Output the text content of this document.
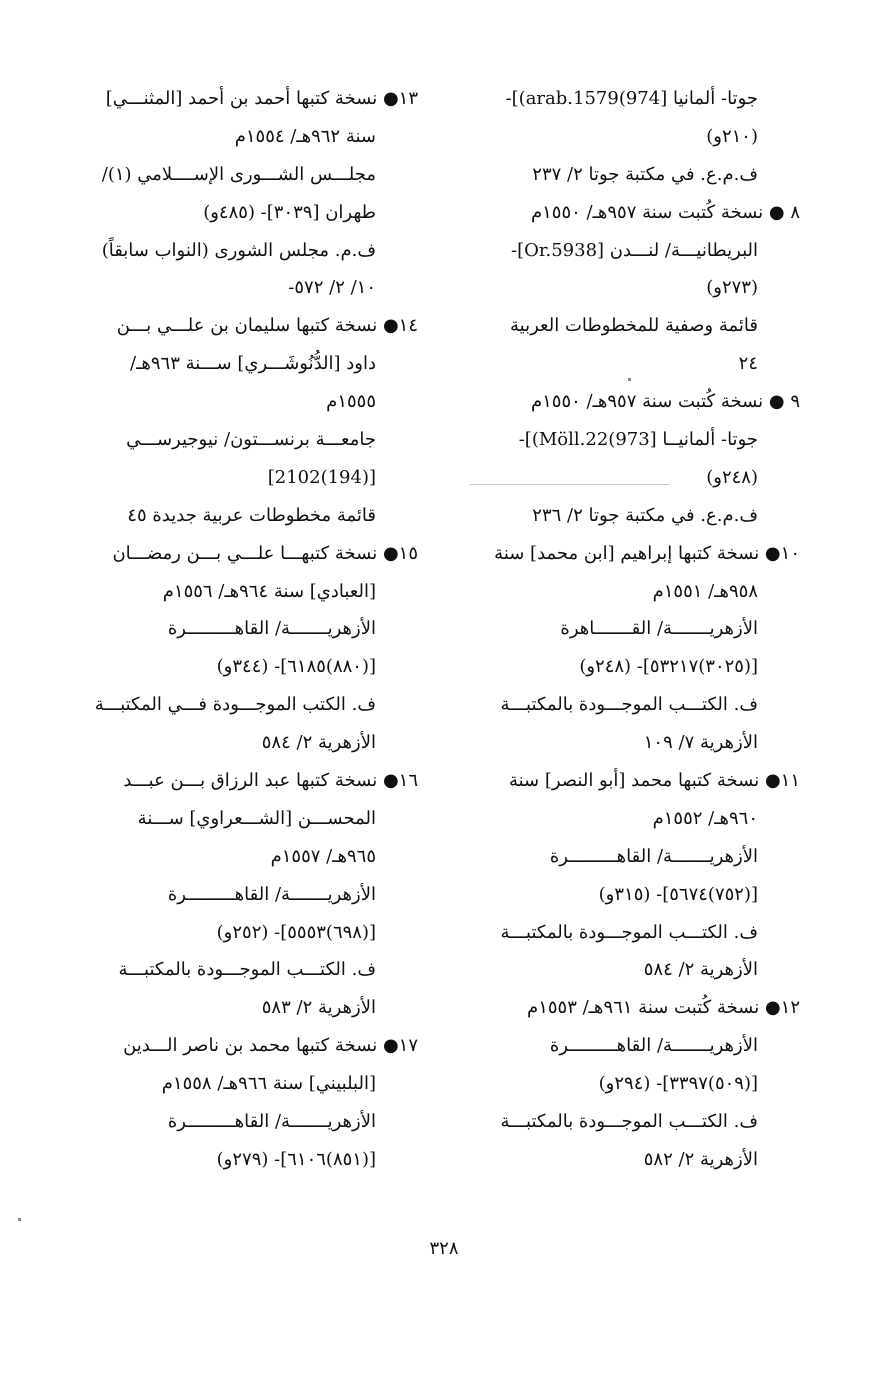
جوتا- ألمانيا [974)arab.1579)]-
(٢١٠و)
ف.م.ع. في مكتبة جوتا ٢/ ٢٣٧
٨ ● نسخة كُتبت سنة ٩٥٧هـ/ ١٥٥٠م
البريطانيـــة/ لنـــدن [Or.5938]-
(٢٧٣و)
قائمة وصفية للمخطوطات العربية
٢٤
٩ ● نسخة كُتبت سنة ٩٥٧هـ/ ١٥٥٠م
جوتا- ألمانيــا [973)Möll.22)]-
(٢٤٨و)
ف.م.ع. في مكتبة جوتا ٢/ ٢٣٦
١٠● نسخة كتبها إبراهيم [ابن محمد] سنة
٩٥٨هـ/ ١٥٥١م
الأزهريـــــــة/ القـــــــاهرة
[(٣٠٢٥)٥٣٢١٧]- (٢٤٨و)
ف. الكتـــب الموجـــودة بالمكتبـــة
الأزهرية ٧/ ١٠٩
١١● نسخة كتبها محمد [أبو النصر] سنة
٩٦٠هـ/ ١٥٥٢م
الأزهريـــــــة/ القاهـــــــــرة
[(٧٥٢)٥٦٧٤]- (٣١٥و)
ف. الكتـــب الموجـــودة بالمكتبـــة
الأزهرية ٢/ ٥٨٤
١٢● نسخة كُتبت سنة ٩٦١هـ/ ١٥٥٣م
الأزهريـــــــة/ القاهـــــــــرة
[(٥٠٩)٣٣٩٧]- (٢٩٤و)
ف. الكتـــب الموجـــودة بالمكتبـــة
الأزهرية ٢/ ٥٨٢
١٣● نسخة كتبها أحمد بن أحمد [المثنـــي]
سنة ٩٦٢هـ/ ١٥٥٤م
مجلـــس الشـــورى الإســــلامي (١)/
طهران [٣٠٣٩]- (٤٨٥و)
ف.م. مجلس الشورى (النواب سابقاً)
١٠/ ٢/ ٥٧٢-
١٤● نسخة كتبها سليمان بن علـــي بـــن
داود [الدُّنُوشَـــري] ســـنة ٩٦٣هـ/
١٥٥٥م
جامعـــة برنســـتون/ نيوجيرســـي
[(194)2102]
قائمة مخطوطات عربية جديدة ٤٥
١٥● نسخة كتبهـــا علـــي بـــن رمضـــان
[العبادي] سنة ٩٦٤هـ/ ١٥٥٦م
الأزهريـــــــة/ القاهـــــــــرة
[(٨٨٠)٦١٨٥]- (٣٤٤و)
ف. الكتب الموجـــودة فـــي المكتبـــة
الأزهرية ٢/ ٥٨٤
١٦● نسخة كتبها عبد الرزاق بـــن عبـــد
المحســـن [الشـــعراوي] ســـنة
٩٦٥هـ/ ١٥٥٧م
الأزهريـــــــة/ القاهـــــــــرة
[(٦٩٨)٥٥٥٣]- (٢٥٢و)
ف. الكتـــب الموجـــودة بالمكتبـــة
الأزهرية ٢/ ٥٨٣
١٧● نسخة كتبها محمد بن ناصر الـــدين
[البلبيني] سنة ٩٦٦هـ/ ١٥٥٨م
الأزهريـــــــة/ القاهـــــــــرة
[(٨٥١)٦١٠٦]- (٢٧٩و)
٣٢٨
